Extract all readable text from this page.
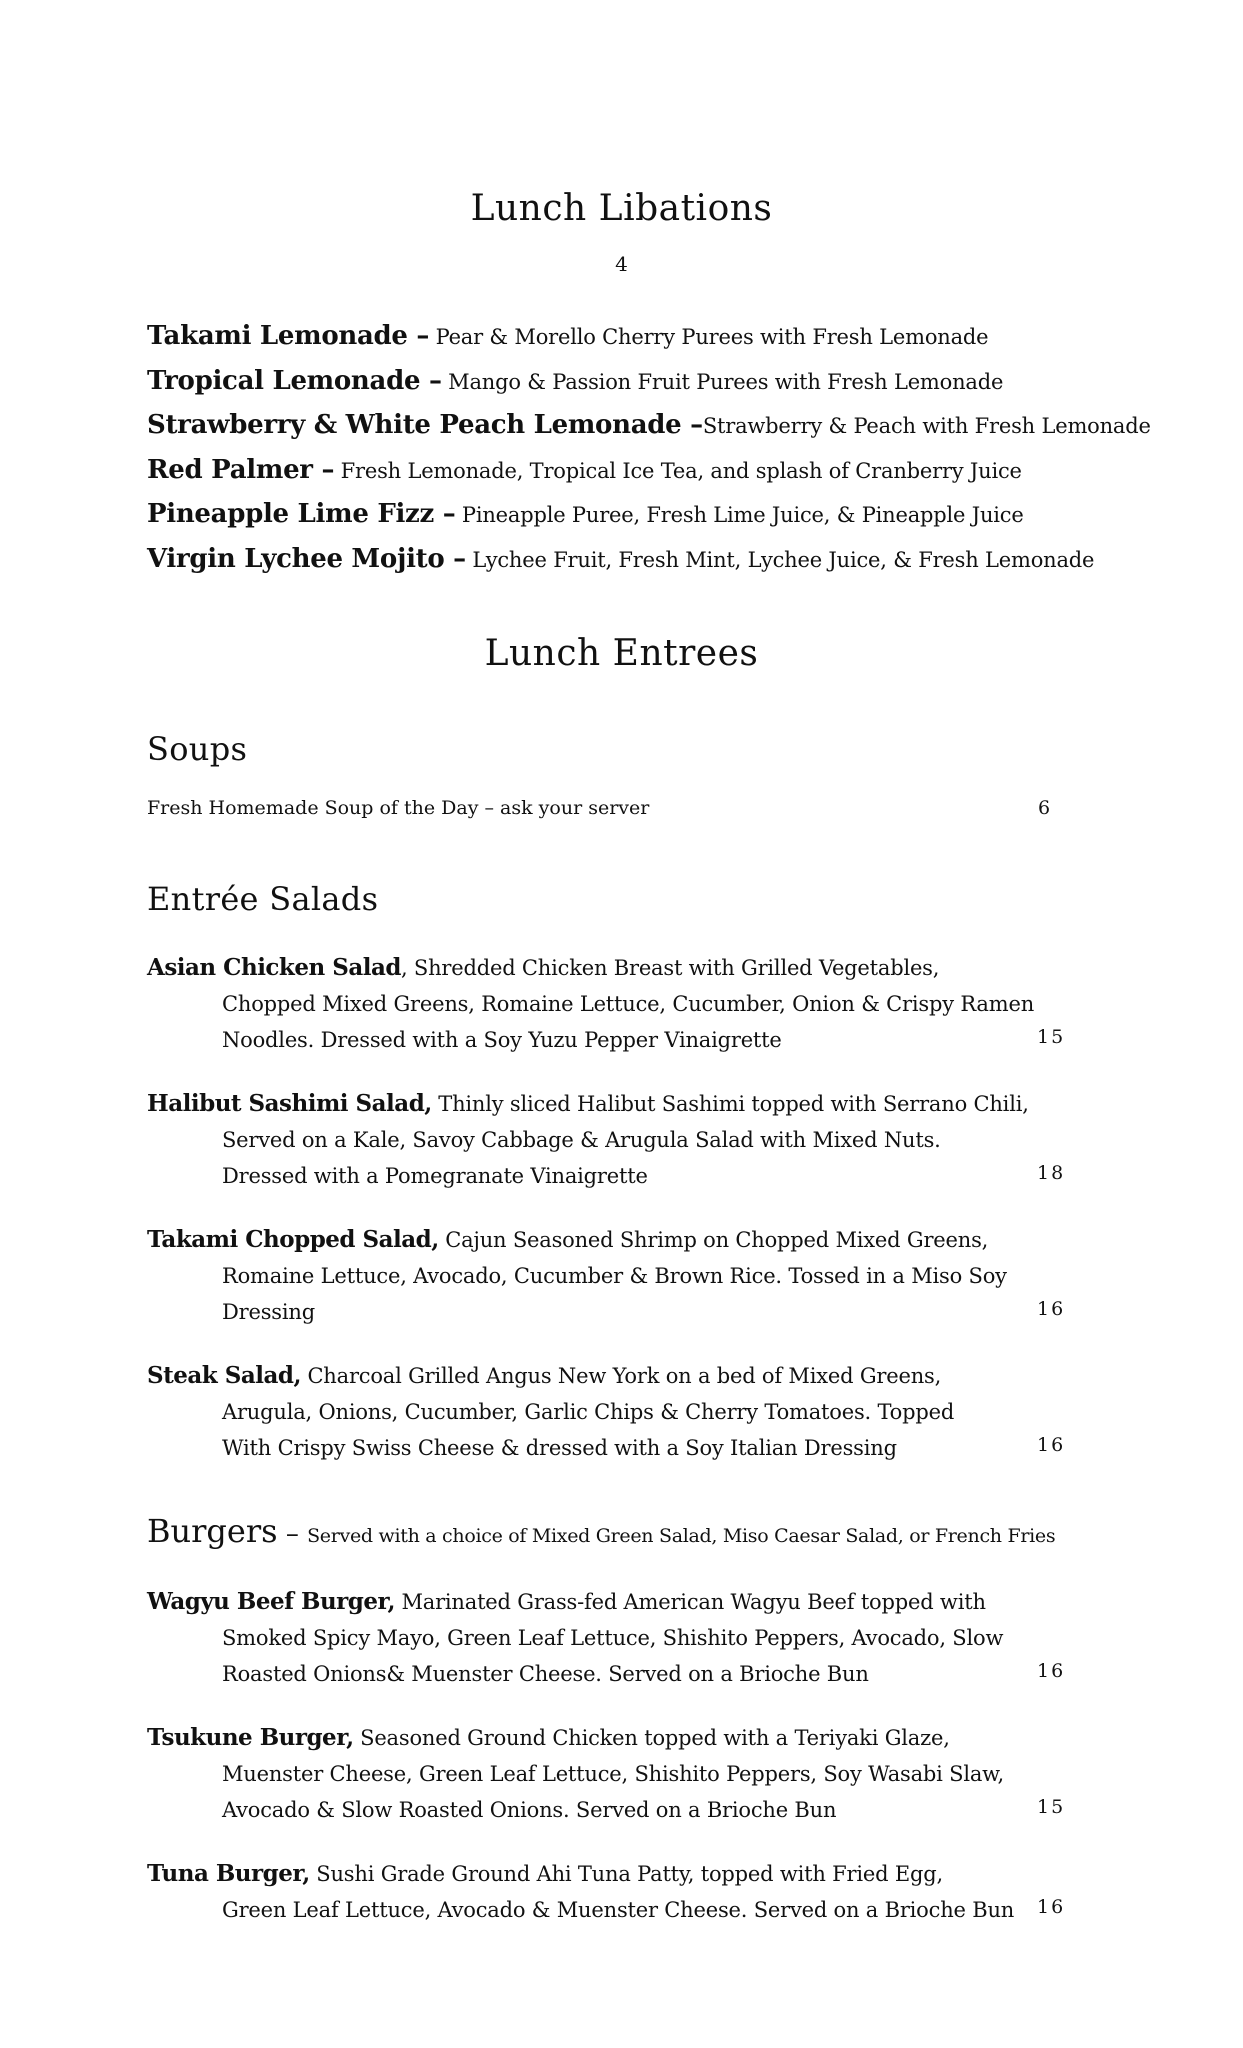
Lunch Libations
4
Takami Lemonade – Pear & Morello Cherry Purees with Fresh Lemonade
Tropical Lemonade – Mango & Passion Fruit Purees with Fresh Lemonade
Strawberry & White Peach Lemonade –Strawberry & Peach with Fresh Lemonade
Red Palmer – Fresh Lemonade, Tropical Ice Tea, and splash of Cranberry Juice
Pineapple Lime Fizz – Pineapple Puree, Fresh Lime Juice, & Pineapple Juice
Virgin Lychee Mojito – Lychee Fruit, Fresh Mint, Lychee Juice, & Fresh Lemonade
Lunch Entrees
Soups
Fresh Homemade Soup of the Day – ask your server	6
Entrée Salads
Asian Chicken Salad, Shredded Chicken Breast with Grilled Vegetables,
Chopped Mixed Greens, Romaine Lettuce, Cucumber, Onion & Crispy Ramen
Noodles. Dressed with a Soy Yuzu Pepper Vinaigrette	15
Halibut Sashimi Salad, Thinly sliced Halibut Sashimi topped with Serrano Chili,
Served on a Kale, Savoy Cabbage & Arugula Salad with Mixed Nuts.
Dressed with a Pomegranate Vinaigrette	18
Takami Chopped Salad, Cajun Seasoned Shrimp on Chopped Mixed Greens,
Romaine Lettuce, Avocado, Cucumber & Brown Rice. Tossed in a Miso Soy
Dressing	16
Steak Salad, Charcoal Grilled Angus New York on a bed of Mixed Greens,
Arugula, Onions, Cucumber, Garlic Chips & Cherry Tomatoes. Topped
With Crispy Swiss Cheese & dressed with a Soy Italian Dressing	16
Burgers – Served with a choice of Mixed Green Salad, Miso Caesar Salad, or French Fries
Wagyu Beef Burger, Marinated Grass-fed American Wagyu Beef topped with
Smoked Spicy Mayo, Green Leaf Lettuce, Shishito Peppers, Avocado, Slow
Roasted Onions& Muenster Cheese. Served on a Brioche Bun	16
Tsukune Burger, Seasoned Ground Chicken topped with a Teriyaki Glaze,
Muenster Cheese, Green Leaf Lettuce, Shishito Peppers, Soy Wasabi Slaw,
Avocado & Slow Roasted Onions. Served on a Brioche Bun	15
Tuna Burger, Sushi Grade Ground Ahi Tuna Patty, topped with Fried Egg,
Green Leaf Lettuce, Avocado & Muenster Cheese. Served on a Brioche Bun	16
